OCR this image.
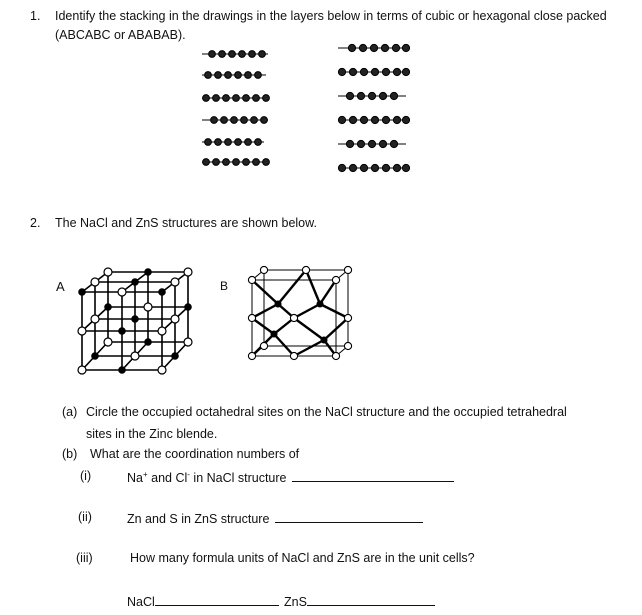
1. Identify the stacking in the drawings in the layers below in terms of cubic or hexagonal close packed
(ABCABC or ABABAB).
2. The NaCl and ZnS structures are shown below.
A	B
(a) Circle the occupied octahedral sites on the NaCl structure and the occupied tetrahedral
sites in the Zinc blende.
(b) What are the coordination numbers of
(i)	Na+ and Cl- in NaCl structure
(ii)	Zn and S in ZnS structure
(iii)	How many formula units of NaCl and ZnS are in the unit cells?
NaCl	ZnS
